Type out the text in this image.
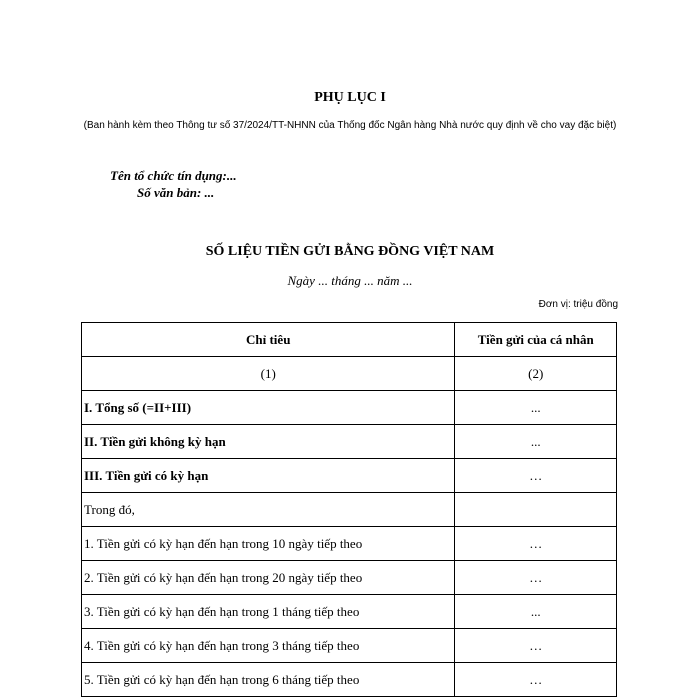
PHỤ LỤC I
(Ban hành kèm theo Thông tư số 37/2024/TT-NHNN của Thống đốc Ngân hàng Nhà nước quy định về cho vay đặc biệt)
Tên tổ chức tín dụng:...
Số văn bản: ...
SỐ LIỆU TIỀN GỬI BẰNG ĐỒNG VIỆT NAM
Ngày ... tháng ... năm ...
Đơn vị: triệu đồng
Chỉ tiêu	Tiền gửi của cá nhân
(1)	(2)
I. Tổng số (=II+III)	...
II. Tiền gửi không kỳ hạn	...
III. Tiền gửi có kỳ hạn	…
Trong đó,	
1. Tiền gửi có kỳ hạn đến hạn trong 10 ngày tiếp theo	…
2. Tiền gửi có kỳ hạn đến hạn trong 20 ngày tiếp theo	…
3. Tiền gửi có kỳ hạn đến hạn trong 1 tháng tiếp theo	...
4. Tiền gửi có kỳ hạn đến hạn trong 3 tháng tiếp theo	…
5. Tiền gửi có kỳ hạn đến hạn trong 6 tháng tiếp theo	…
